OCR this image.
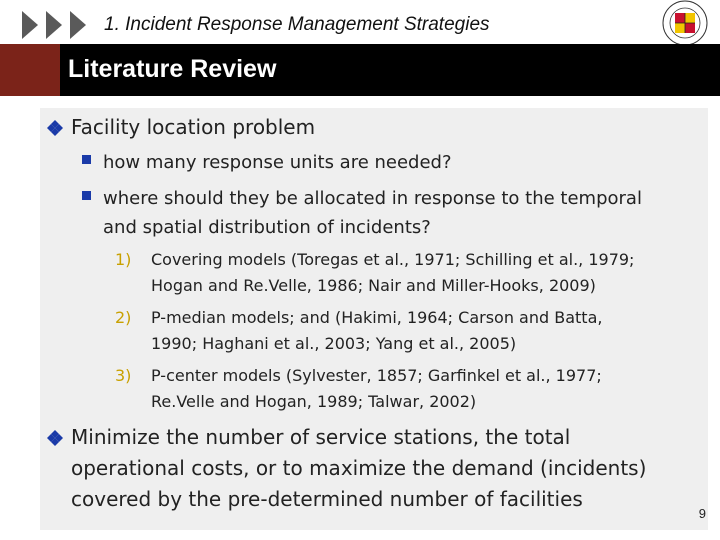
1. Incident Response Management Strategies
Literature Review
Facility location problem
how many response units are needed?
where should they be allocated in response to the temporal
and spatial distribution of incidents?
1) Covering models (Toregas et al., 1971; Schilling et al., 1979;
Hogan and Re.Velle, 1986; Nair and Miller-Hooks, 2009)
2) P-median models; and (Hakimi, 1964; Carson and Batta,
1990; Haghani et al., 2003; Yang et al., 2005)
3) P-center models (Sylvester, 1857; Garfinkel et al., 1977;
Re.Velle and Hogan, 1989; Talwar, 2002)
Minimize the number of service stations, the total
operational costs, or to maximize the demand (incidents)
covered by the pre-determined number of facilities
9
